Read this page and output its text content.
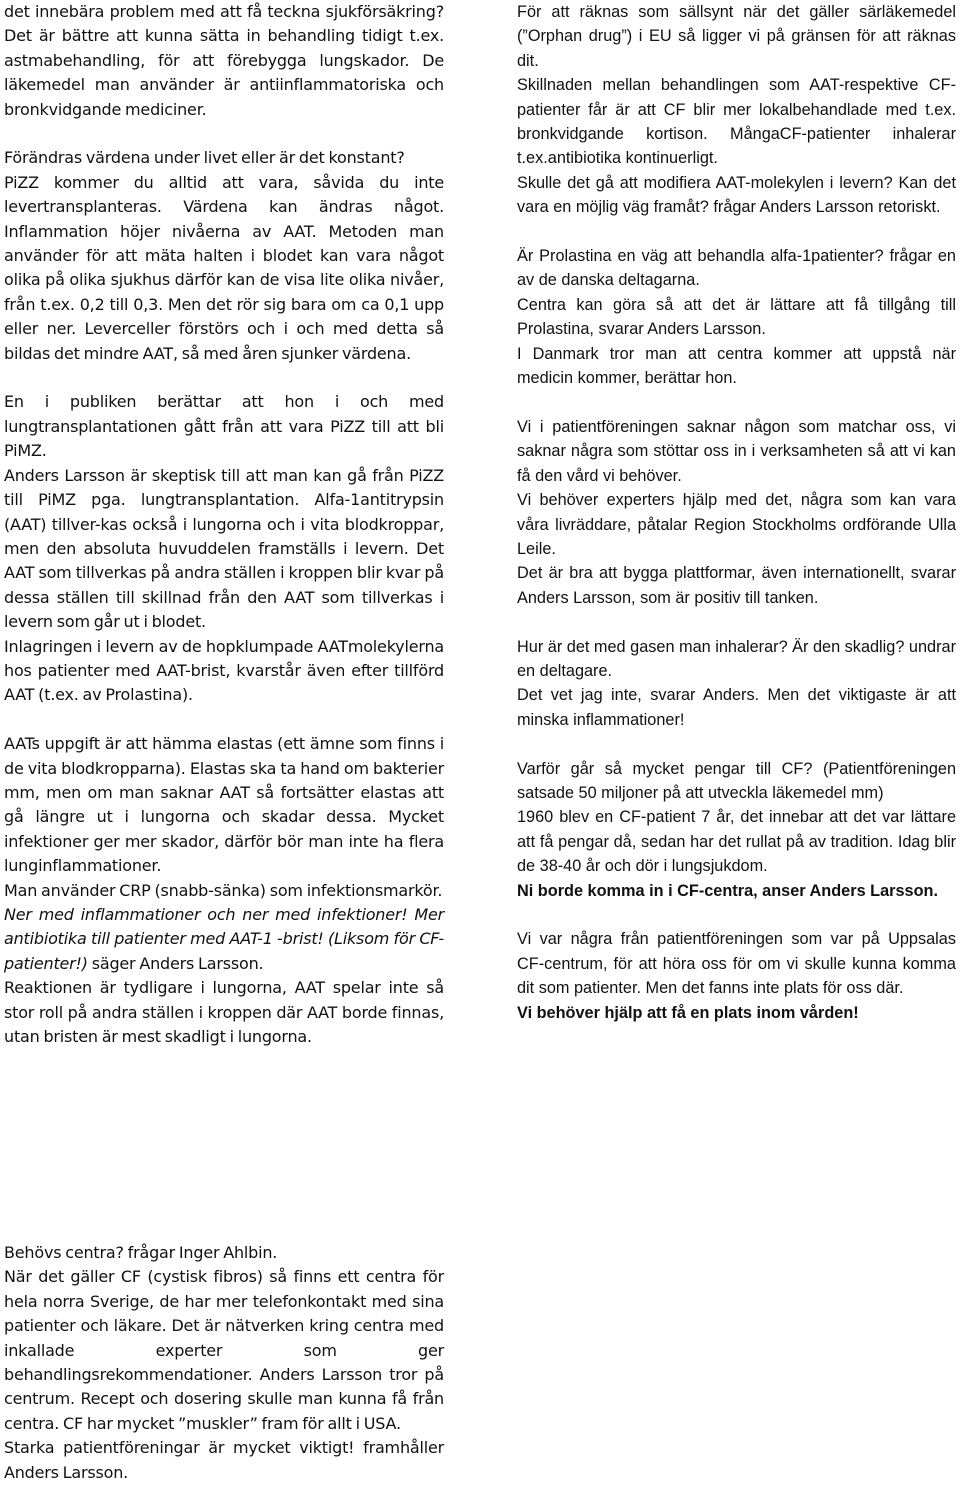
det innebära problem med att få teckna sjukförsäkring? Det är bättre att kunna sätta in behandling tidigt t.ex. astmabehandling, för att förebygga lungskador. De läkemedel man använder är antiinflammatoriska och bronkvidgande mediciner.

Förändras värdena under livet eller är det konstant?

PiZZ kommer du alltid att vara, såvida du inte levertransplanteras. Värdena kan ändras något. Inflammation höjer nivåerna av AAT. Metoden man använder för att mäta halten i blodet kan vara något olika på olika sjukhus därför kan de visa lite olika nivåer, från t.ex. 0,2 till 0,3. Men det rör sig bara om ca 0,1 upp eller ner. Leverceller förstörs och i och med detta så bildas det mindre AAT, så med åren sjunker värdena.

En i publiken berättar att hon i och med lungtransplantationen gått från att vara PiZZ till att bli PiMZ.

Anders Larsson är skeptisk till att man kan gå från PiZZ till PiMZ pga. lungtransplantation. Alfa-1antitrypsin (AAT) tillver-kas också i lungorna och i vita blodkroppar, men den absoluta huvuddelen framställs i levern. Det AAT som tillverkas på andra ställen i kroppen blir kvar på dessa ställen till skillnad från den AAT som tillverkas i levern som går ut i blodet.

Inlagringen i levern av de hopklumpade AATmolekylerna hos patienter med AAT-brist, kvarstår även efter tillförd AAT (t.ex. av Prolastina).

AATs uppgift är att hämma elastas (ett ämne som finns i de vita blodkropparna). Elastas ska ta hand om bakterier mm, men om man saknar AAT så fortsätter elastas att gå längre ut i lungorna och skadar dessa. Mycket infektioner ger mer skador, därför bör man inte ha flera lunginflammationer.

Man använder CRP (snabb-sänka) som infektionsmarkör.

Ner med inflammationer och ner med infektioner! Mer antibiotika till patienter med AAT-1 -brist! (Liksom för CF-patienter!) säger Anders Larsson.

Reaktionen är tydligare i lungorna, AAT spelar inte så stor roll på andra ställen i kroppen där AAT borde finnas, utan bristen är mest skadligt i lungorna.

Behövs centra? frågar Inger Ahlbin.

När det gäller CF (cystisk fibros) så finns ett centra för hela norra Sverige, de har mer telefonkontakt med sina patienter och läkare. Det är nätverken kring centra med inkallade experter som ger behandlingsrekommendationer. Anders Larsson tror på centrum. Recept och dosering skulle man kunna få från centra. CF har mycket ”muskler” fram för allt i USA.

Starka patientföreningar är mycket viktigt! framhåller Anders Larsson.

För att räknas som sällsynt när det gäller särläkemedel (”Orphan drug”) i EU så ligger vi på gränsen för att räknas dit.

Skillnaden mellan behandlingen som AAT-respektive CF-patienter får är att CF blir mer lokalbehandlade med t.ex. bronkvidgande kortison. MångaCF-patienter inhalerar t.ex.antibiotika kontinuerligt.

Skulle det gå att modifiera AAT-molekylen i levern? Kan det vara en möjlig väg framåt? frågar Anders Larsson retoriskt.

Är Prolastina en väg att behandla alfa-1patienter? frågar en av de danska deltagarna.

Centra kan göra så att det är lättare att få tillgång till Prolastina, svarar Anders Larsson.

I Danmark tror man att centra kommer att uppstå när medicin kommer, berättar hon.

Vi i patientföreningen saknar någon som matchar oss, vi saknar några som stöttar oss in i verksamheten så att vi kan få den vård vi behöver.

Vi behöver experters hjälp med det, några som kan vara våra livräddare, påtalar Region Stockholms ordförande Ulla Leile.

Det är bra att bygga plattformar, även internationellt, svarar Anders Larsson, som är positiv till tanken.

Hur är det med gasen man inhalerar? Är den skadlig? undrar en deltagare.

Det vet jag inte, svarar Anders. Men det viktigaste är att minska inflammationer!

Varför går så mycket pengar till CF? (Patientföreningen satsade 50 miljoner på att utveckla läkemedel mm)

1960 blev en CF-patient 7 år, det innebar att det var lättare att få pengar då, sedan har det rullat på av tradition. Idag blir de 38-40 år och dör i lungsjukdom.

Ni borde komma in i CF-centra, anser Anders Larsson.

Vi var några från patientföreningen som var på Uppsalas CF-centrum, för att höra oss för om vi skulle kunna komma dit som patienter. Men det fanns inte plats för oss där.

Vi behöver hjälp att få en plats inom vården!
